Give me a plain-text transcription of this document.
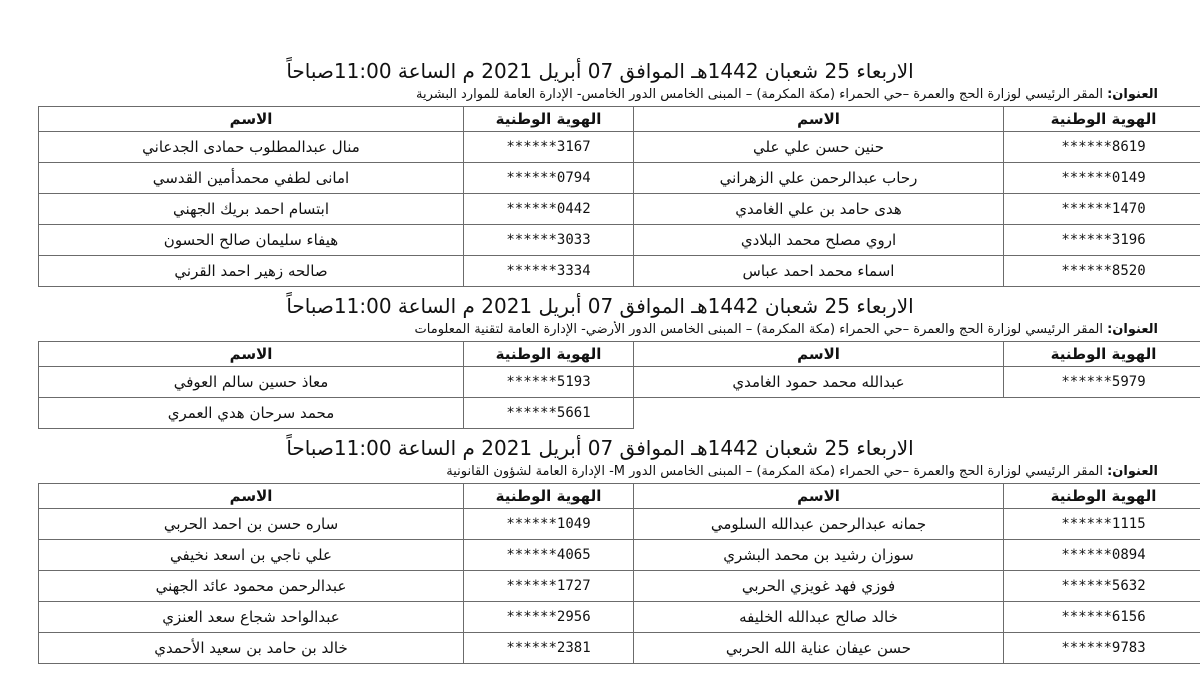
الاربعاء 25 شعبان 1442هـ الموافق 07 أبريل 2021 م الساعة 11:00صباحاً
العنوان: المقر الرئيسي لوزارة الحج والعمرة –حي الحمراء (مكة المكرمة) – المبنى الخامس الدور الخامس- الإدارة العامة للموارد البشرية
الهوية الوطنية	الاسم	الهوية الوطنية	الاسم
******8619	حنين حسن علي علي	******3167	منال عبدالمطلوب حمادى الجدعاني
******0149	رحاب عبدالرحمن علي الزهراني	******0794	امانى لطفي محمدأمين القدسي
******1470	هدى حامد بن علي الغامدي	******0442	ابتسام احمد بريك الجهني
******3196	اروي مصلح محمد البلادي	******3033	هيفاء سليمان صالح الحسون
******8520	اسماء محمد احمد عباس	******3334	صالحه زهير احمد القرني
الاربعاء 25 شعبان 1442هـ الموافق 07 أبريل 2021 م الساعة 11:00صباحاً
العنوان: المقر الرئيسي لوزارة الحج والعمرة –حي الحمراء (مكة المكرمة) – المبنى الخامس الدور الأرضي- الإدارة العامة لتقنية المعلومات
الهوية الوطنية	الاسم	الهوية الوطنية	الاسم
******5979	عبدالله محمد حمود الغامدي	******5193	معاذ حسين سالم العوفي
		******5661	محمد سرحان هدي العمري
الاربعاء 25 شعبان 1442هـ الموافق 07 أبريل 2021 م الساعة 11:00صباحاً
العنوان: المقر الرئيسي لوزارة الحج والعمرة –حي الحمراء (مكة المكرمة) – المبنى الخامس الدور M- الإدارة العامة لشؤون القانونية
الهوية الوطنية	الاسم	الهوية الوطنية	الاسم
******1115	جمانه عبدالرحمن عبدالله السلومي	******1049	ساره حسن بن احمد الحربي
******0894	سوزان رشيد بن محمد البشري	******4065	علي ناجي بن اسعد نخيفي
******5632	فوزي فهد غويزي الحربي	******1727	عبدالرحمن محمود عائد الجهني
******6156	خالد صالح عبدالله الخليفه	******2956	عبدالواحد شجاع سعد العنزي
******9783	حسن عيفان عناية الله الحربي	******2381	خالد بن حامد بن سعيد الأحمدي
